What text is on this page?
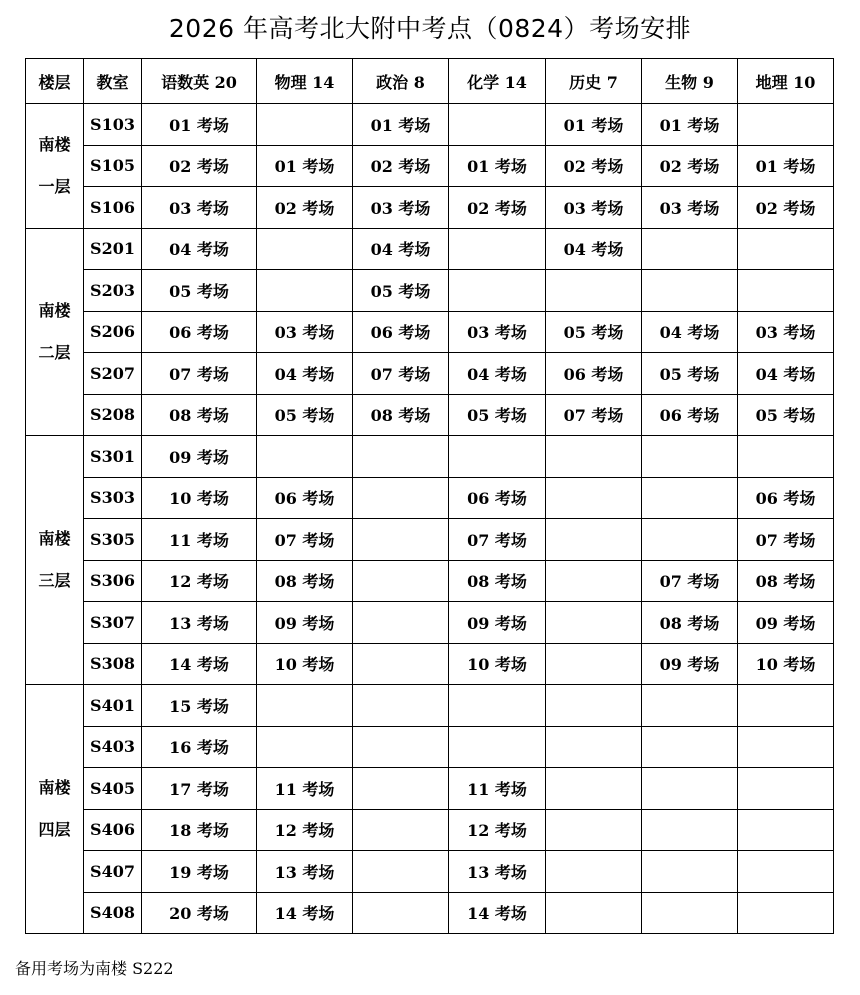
2026 年高考北大附中考点（0824）考场安排
楼层	教室	语数英 20	物理 14	政治 8	化学 14	历史 7	生物 9	地理 10

南楼
一层	S103	01 考场		01 考场		01 考场	01 考场	
	S105	02 考场	01 考场	02 考场	01 考场	02 考场	02 考场	01 考场
	S106	03 考场	02 考场	03 考场	02 考场	03 考场	03 考场	02 考场

南楼
二层	S201	04 考场		04 考场		04 考场		
	S203	05 考场		05 考场				
	S206	06 考场	03 考场	06 考场	03 考场	05 考场	04 考场	03 考场
	S207	07 考场	04 考场	07 考场	04 考场	06 考场	05 考场	04 考场
	S208	08 考场	05 考场	08 考场	05 考场	07 考场	06 考场	05 考场

南楼
三层	S301	09 考场						
	S303	10 考场	06 考场		06 考场			06 考场
	S305	11 考场	07 考场		07 考场			07 考场
	S306	12 考场	08 考场		08 考场		07 考场	08 考场
	S307	13 考场	09 考场		09 考场		08 考场	09 考场
	S308	14 考场	10 考场		10 考场		09 考场	10 考场

南楼
四层	S401	15 考场						
	S403	16 考场						
	S405	17 考场	11 考场		11 考场			
	S406	18 考场	12 考场		12 考场			
	S407	19 考场	13 考场		13 考场			
	S408	20 考场	14 考场		14 考场			
备用考场为南楼 S222
